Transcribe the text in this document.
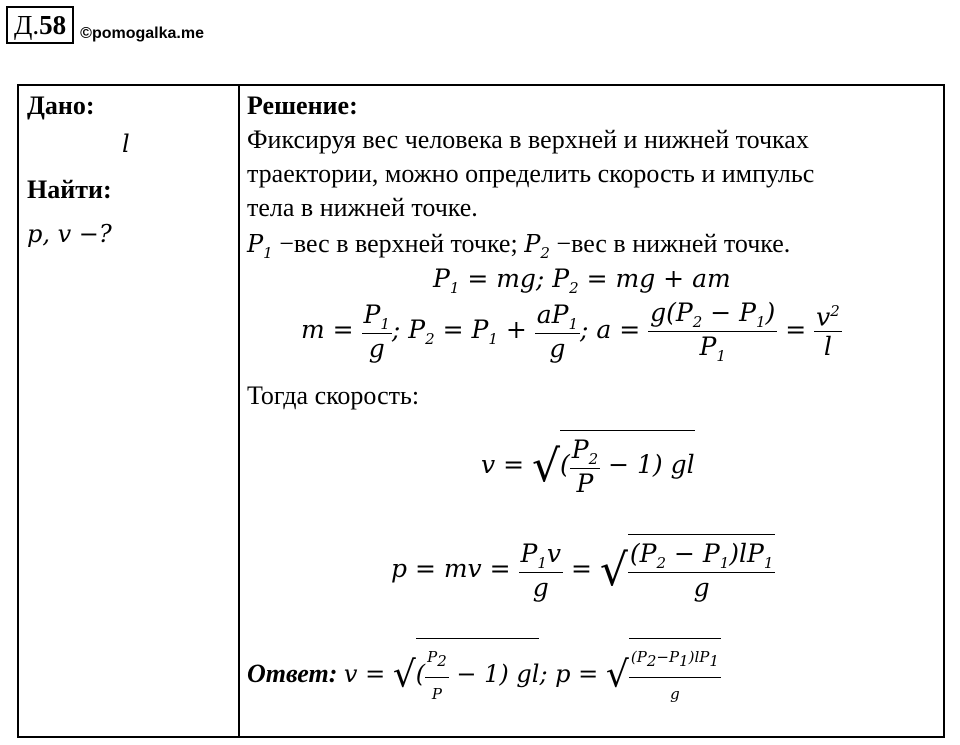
Д.58 ©pomogalka.me
Дано:
l
Найти:
p, v −?
Решение:
Фиксируя вес человека в верхней и нижней точках
траектории, можно определить скорость и импульс
тела в нижней точке.
$P_1 -вес$ в верхней точке; $P_2 -вес$ в нижней точке.
$P_1$ = mg; $P_2$ = mg + am
$m = \frac{P_1}{g}$ ; $P_2 = P_1 + \frac{aP_1}{g}$ ; $a = \frac{g(P_2 - P_1)}{P_1} = \frac{v^2}{l}$
Тогда скорость:
v = √( $\frac{P_2}{P} - 1$) gl
p = mv = $\frac{P_1v}{g}$ = √ $\frac{(P_2 - P_1)lP_1}{g}$
Ответ: v = √( $\frac{P_2}{P} - 1$) gl; p = √ $\frac{(P_2-P_1)lP_1}{g}$
